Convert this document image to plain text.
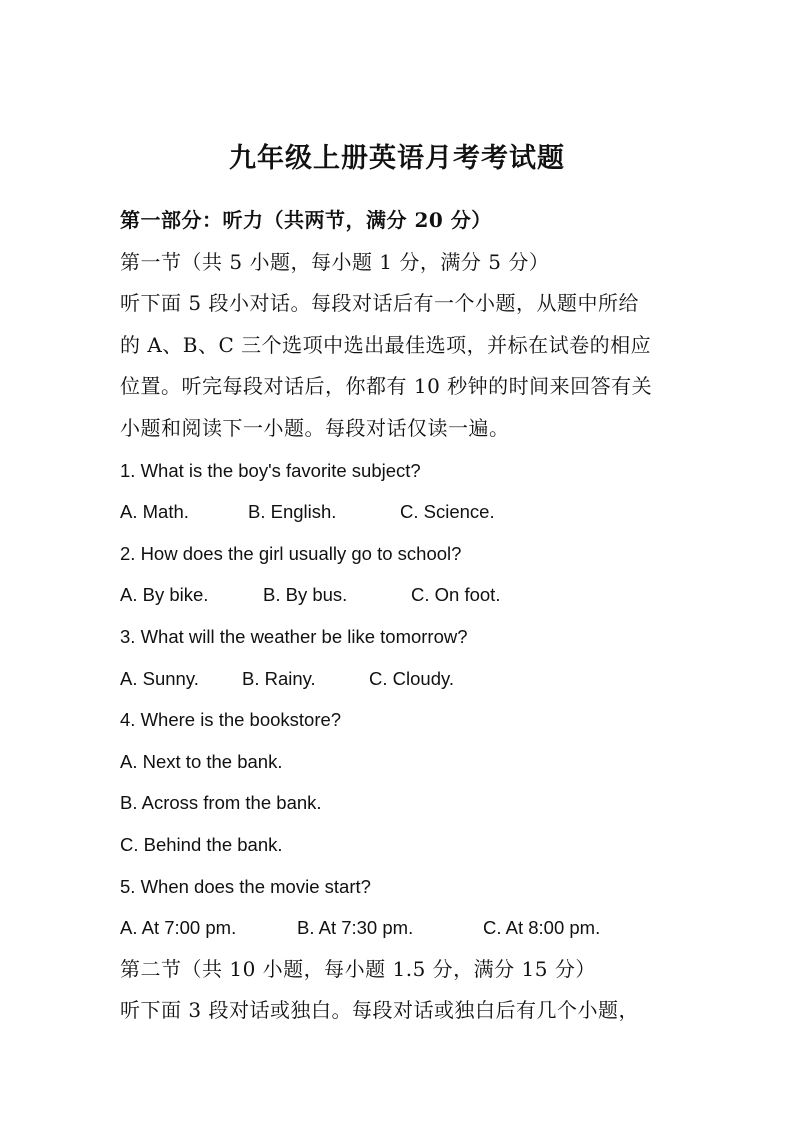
九年级上册英语月考考试题
第一部分：听力（共两节，满分 20 分）
第一节（共 5 小题，每小题 1 分，满分 5 分）
听下面 5 段小对话。每段对话后有一个小题，从题中所给
的 A、B、C 三个选项中选出最佳选项，并标在试卷的相应
位置。听完每段对话后，你都有 10 秒钟的时间来回答有关
小题和阅读下一小题。每段对话仅读一遍。
1. What is the boy's favorite subject?
A. Math.	B. English.	C. Science.
2. How does the girl usually go to school?
A. By bike.	B. By bus.	C. On foot.
3. What will the weather be like tomorrow?
A. Sunny. B. Rainy.	C. Cloudy.
4. Where is the bookstore?
A. Next to the bank.
B. Across from the bank.
C. Behind the bank.
5. When does the movie start?
A. At 7:00 pm.	B. At 7:30 pm.	C. At 8:00 pm.
第二节（共 10 小题，每小题 1.5 分，满分 15 分）
听下面 3 段对话或独白。每段对话或独白后有几个小题，
